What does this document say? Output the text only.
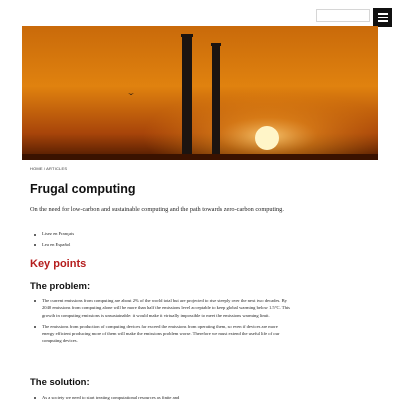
HOME/ARTICLES
Frugal computing

On the need for low-carbon and sustainable computing and the path towards zero-carbon computing.

Lisez en Français
Lea en Español
Key points
The problem:
The current emissions from computing are about 2% of the world total but are projected to rise steeply over the next two decades. By 2040 emissions from computing alone will be more than half the emissions level acceptable to keep global warming below 1.5°C. This growth in computing emissions is unsustainable: it would make it virtually impossible to meet the emissions warming limit.
The emissions from production of computing devices far exceed the emissions from operating them, so even if devices are more energy efficient producing more of them will make the emissions problem worse. Therefore we must extend the useful life of our computing devices.
The solution:
As a society we need to start treating computational resources as finite and
